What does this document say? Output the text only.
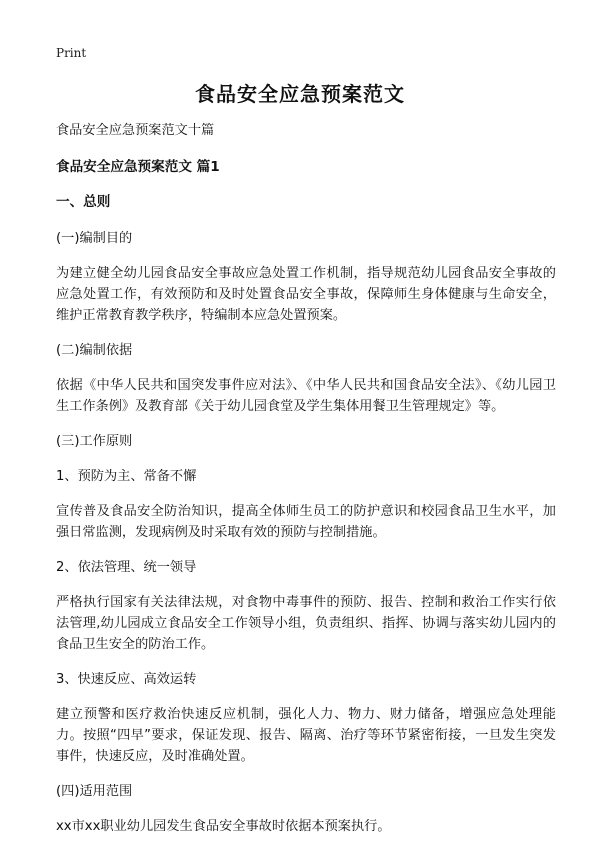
Print
食品安全应急预案范文

食品安全应急预案范文十篇

食品安全应急预案范文 篇1

一、总则

(一)编制目的

为建立健全幼儿园食品安全事故应急处置工作机制，指导规范幼儿园食品安全事故的应急处置工作，有效预防和及时处置食品安全事故，保障师生身体健康与生命安全，维护正常教育教学秩序，特编制本应急处置预案。

(二)编制依据

依据《中华人民共和国突发事件应对法》、《中华人民共和国食品安全法》、《幼儿园卫生工作条例》及教育部《关于幼儿园食堂及学生集体用餐卫生管理规定》等。

(三)工作原则

1、预防为主、常备不懈

宣传普及食品安全防治知识，提高全体师生员工的防护意识和校园食品卫生水平，加强日常监测，发现病例及时采取有效的预防与控制措施。

2、依法管理、统一领导

严格执行国家有关法律法规，对食物中毒事件的预防、报告、控制和救治工作实行依法管理,幼儿园成立食品安全工作领导小组，负责组织、指挥、协调与落实幼儿园内的食品卫生安全的防治工作。

3、快速反应、高效运转

建立预警和医疗救治快速反应机制，强化人力、物力、财力储备，增强应急处理能力。按照“四早”要求，保证发现、报告、隔离、治疗等环节紧密衔接，一旦发生突发事件，快速反应，及时准确处置。

(四)适用范围

xx市xx职业幼儿园发生食品安全事故时依据本预案执行。
